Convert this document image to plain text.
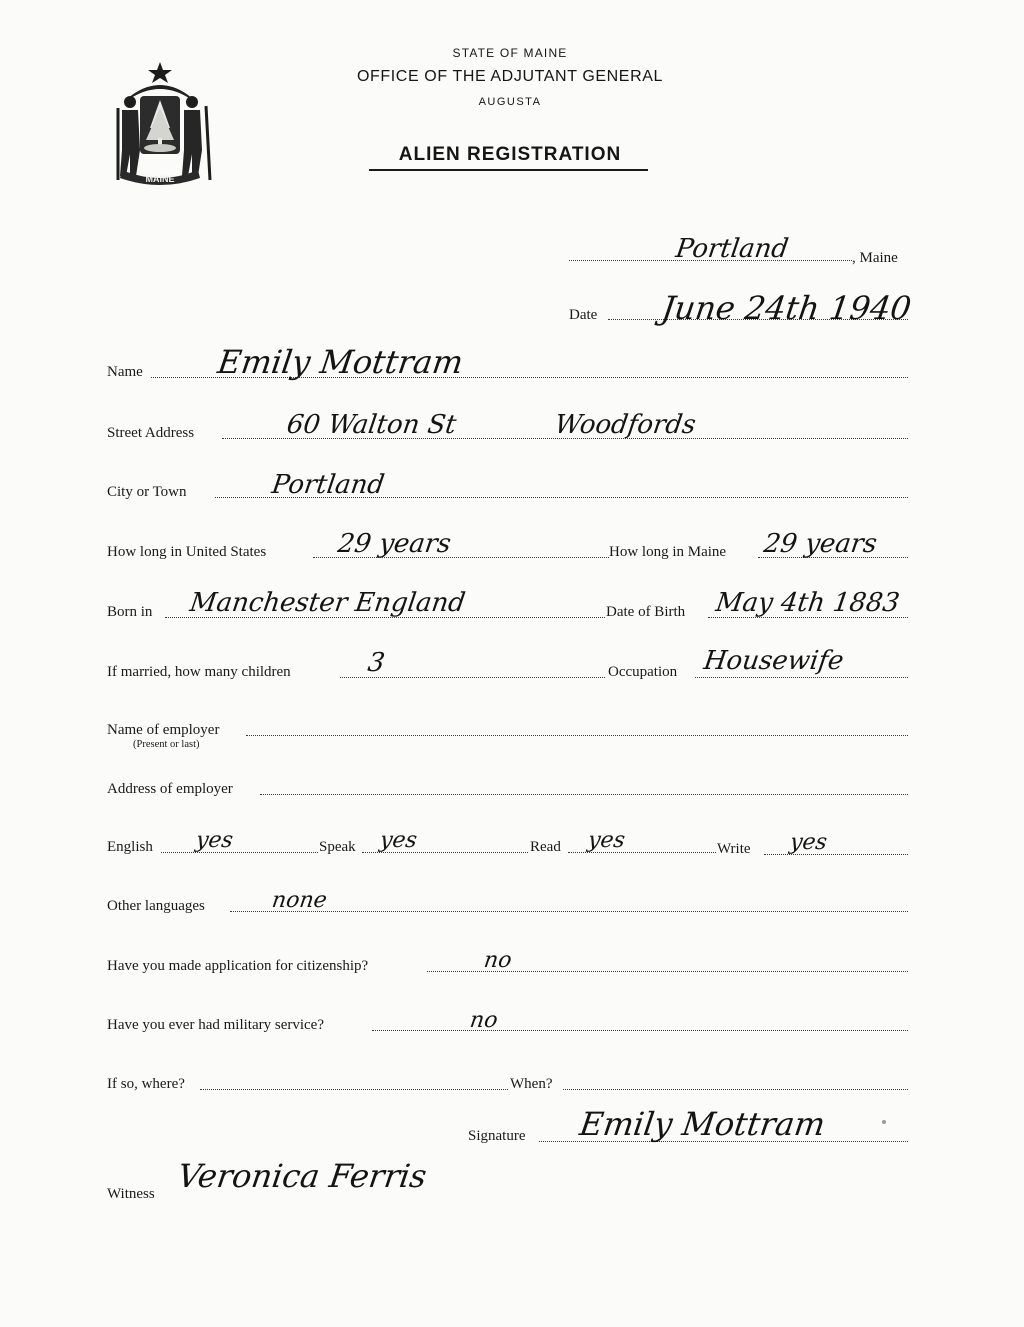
MAINE
STATE OF MAINE
OFFICE OF THE ADJUTANT GENERAL
AUGUSTA
ALIEN REGISTRATION
Portland	, Maine
Date June 24th 1940
Name Emily Mottram
Street Address	60 Walton St	Woodfords
City or Town	Portland
How long in United States	29 years	How long in Maine 29 years
Born in Manchester England	Date of Birth May 4th 1883
If married, how many children	3	Occupation Housewife
Name of employer
(Present or last)
Address of employer
English yes	Speak yes	Read yes	Write yes
Other languages	none
Have you made application for citizenship?	no
Have you ever had military service?	no
If so, where?	When?
Signature Emily Mottram
Witness Veronica Ferris
